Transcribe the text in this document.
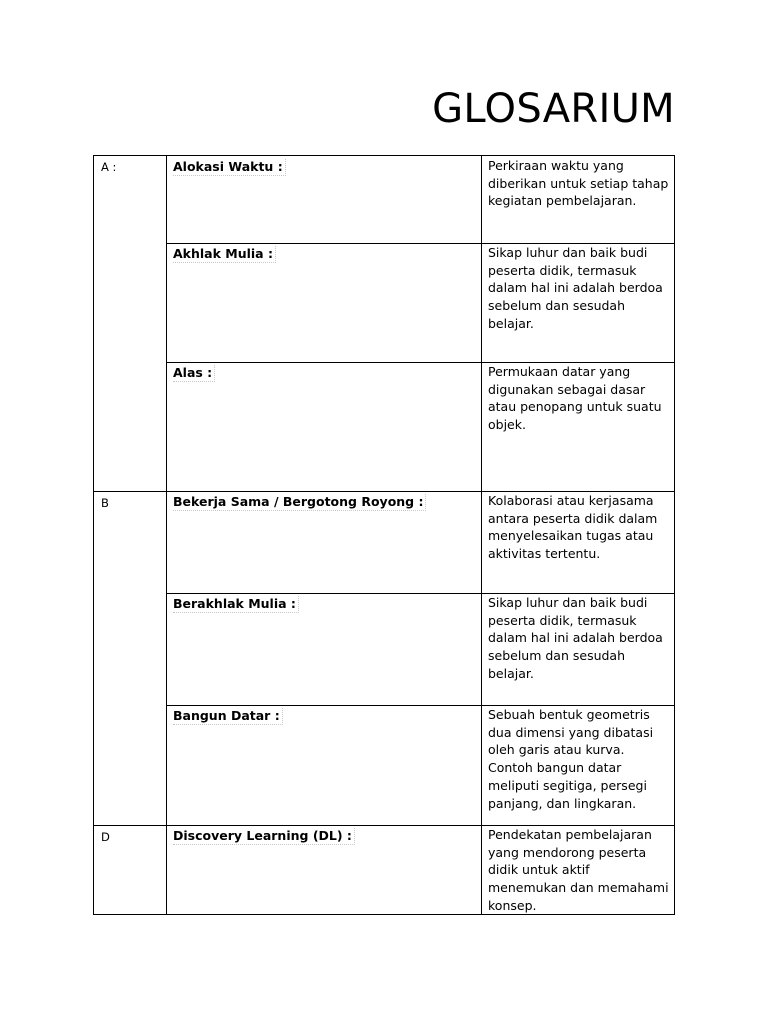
GLOSARIUM
A :	Alokasi Waktu :	Perkiraan waktu yang
diberikan untuk setiap tahap
kegiatan pembelajaran.
Akhlak Mulia :	Sikap luhur dan baik budi
peserta didik, termasuk
dalam hal ini adalah berdoa
sebelum dan sesudah
belajar.
Alas :	Permukaan datar yang
digunakan sebagai dasar
atau penopang untuk suatu
objek.
B	Bekerja Sama / Bergotong Royong :	Kolaborasi atau kerjasama
antara peserta didik dalam
menyelesaikan tugas atau
aktivitas tertentu.
Berakhlak Mulia :	Sikap luhur dan baik budi
peserta didik, termasuk
dalam hal ini adalah berdoa
sebelum dan sesudah
belajar.
Bangun Datar :	Sebuah bentuk geometris
dua dimensi yang dibatasi
oleh garis atau kurva.
Contoh bangun datar
meliputi segitiga, persegi
panjang, dan lingkaran.
D	Discovery Learning (DL) :	Pendekatan pembelajaran
yang mendorong peserta
didik untuk aktif
menemukan dan memahami
konsep.
